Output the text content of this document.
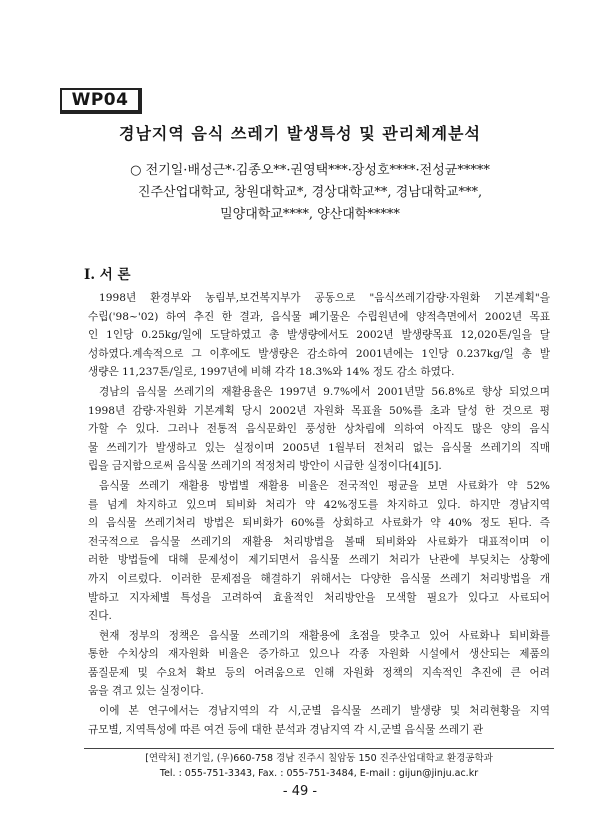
WP04
경남지역 음식 쓰레기 발생특성 및 관리체계분석
○ 전기일·배성근*·김종오**·권영택***·장성호****·전성균*****
진주산업대학교, 창원대학교*, 경상대학교**, 경남대학교***,
밀양대학교****, 양산대학*****
Ⅰ. 서 론
1998년 환경부와 농림부,보건복지부가 공동으로 "음식쓰레기감량·자원화 기본계획"을
수립('98~'02) 하여 추진 한 결과, 음식물 폐기물은 수립원년에 양적측면에서 2002년 목표
인 1인당 0.25kg/일에 도달하였고 총 발생량에서도 2002년 발생량목표 12,020톤/일을 달
성하였다.계속적으로 그 이후에도 발생량은 감소하여 2001년에는 1인당 0.237kg/일 총 발
생량은 11,237톤/일로, 1997년에 비해 각각 18.3%와 14% 정도 감소 하였다.
경남의 음식물 쓰레기의 재활용율은 1997년 9.7%에서 2001년말 56.8%로 향상 되었으며
1998년 감량·자원화 기본계획 당시 2002년 자원화 목표율 50%를 초과 달성 한 것으로 평
가할 수 있다. 그러나 전통적 음식문화인 풍성한 상차림에 의하여 아직도 많은 양의 음식
물 쓰레기가 발생하고 있는 실정이며 2005년 1월부터 전처리 없는 음식물 쓰레기의 직매
립을 금지함으로써 음식물 쓰레기의 적정처리 방안이 시급한 실정이다[4][5].
음식물 쓰레기 재활용 방법별 재활용 비율은 전국적인 평균을 보면 사료화가 약 52%
를 넘게 차지하고 있으며 퇴비화 처리가 약 42%정도를 차지하고 있다. 하지만 경남지역
의 음식물 쓰레기처리 방법은 퇴비화가 60%를 상회하고 사료화가 약 40% 정도 된다. 즉
전국적으로 음식물 쓰레기의 재활용 처리방법을 볼때 퇴비화와 사료화가 대표적이며 이
러한 방법들에 대해 문제성이 제기되면서 음식물 쓰레기 처리가 난관에 부딪치는 상황에
까지 이르렀다. 이러한 문제점을 해결하기 위해서는 다양한 음식물 쓰레기 처리방법을 개
발하고 지자체별 특성을 고려하여 효율적인 처리방안을 모색할 필요가 있다고 사료되어
진다.
현재 정부의 정책은 음식물 쓰레기의 재활용에 초점을 맞추고 있어 사료화나 퇴비화를
통한 수치상의 재자원화 비율은 증가하고 있으나 각종 자원화 시설에서 생산되는 제품의
품질문제 및 수요처 확보 등의 어려움으로 인해 자원화 정책의 지속적인 추진에 큰 어려
움을 겪고 있는 실정이다.
이에 본 연구에서는 경남지역의 각 시,군별 음식물 쓰레기 발생량 및 처리현황을 지역
규모별, 지역특성에 따른 여건 등에 대한 분석과 경남지역 각 시,군별 음식물 쓰레기 관
[연락처] 전기일, (우)660-758 경남 진주시 칠암동 150 진주산업대학교 환경공학과
Tel. : 055-751-3343, Fax. : 055-751-3484, E-mail : gijun@jinju.ac.kr
- 49 -
